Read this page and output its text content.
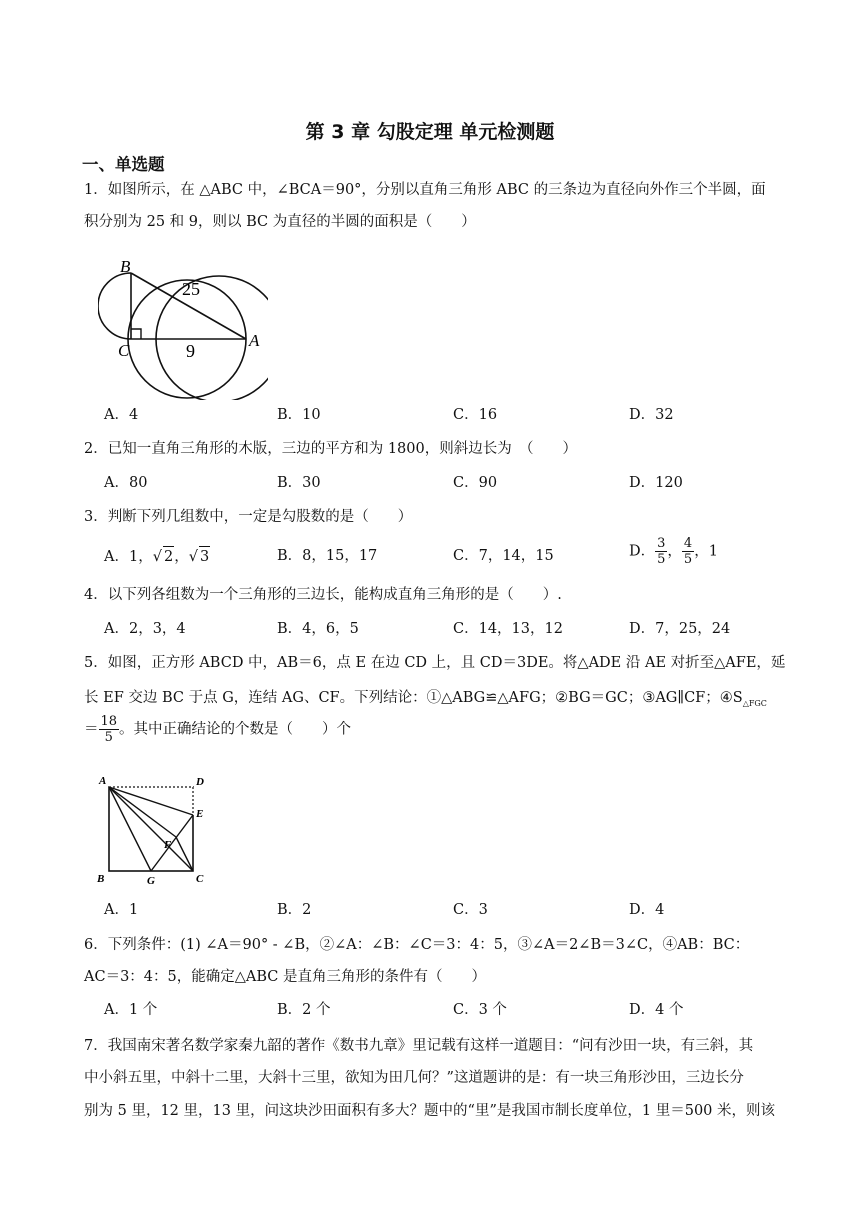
第 3 章 勾股定理 单元检测题
一、单选题
1．如图所示，在 △ABC 中，∠BCA＝90°，分别以直角三角形 ABC 的三条边为直径向外作三个半圆，面
积分别为 25 和 9，则以 BC 为直径的半圆的面积是（　　）
B
C
A
25
9
A．4	B．10	C．16	D．32
2．已知一直角三角形的木版，三边的平方和为 1800，则斜边长为　（　　）
A．80	B．30	C．90	D．120
3．判断下列几组数中，一定是勾股数的是（　　）
A．1，√ 2，√ 3	B．8，15，17	C．7，14，15	D． $\frac{3}{5}$ ， $\frac{4}{5}$ ，1
4．以下列各组数为一个三角形的三边长，能构成直角三角形的是（　　）.
A．2，3，4	B．4，6，5	C．14，13，12	D．7，25，24
5．如图，正方形 ABCD 中，AB＝6，点 E 在边 CD 上，且 CD＝3DE。将△ADE 沿 AE 对折至△AFE，延
长 EF 交边 BC 于点 G，连结 AG、CF。下列结论：①△ABG≌△AFG；②BG＝GC；③AG∥CF；$④S_{\triangle FGC}$
＝ $\frac{18}{5}$ 。其中正确结论的个数是（　　）个
A	D
E
F
B	G	C
A．1	B．2	C．3	D．4
6．下列条件：(1) ∠A＝90° - ∠B，②∠A：∠B：∠C＝3：4：5，③∠A＝2∠B＝3∠C，④AB：BC：
AC＝3：4：5，能确定△ABC 是直角三角形的条件有（　　）
A．1 个	B．2 个	C．3 个	D．4 个
7．我国南宋著名数学家秦九韶的著作《数书九章》里记载有这样一道题目：“问有沙田一块，有三斜，其
中小斜五里，中斜十二里，大斜十三里，欲知为田几何？”这道题讲的是：有一块三角形沙田，三边长分
别为 5 里，12 里，13 里，问这块沙田面积有多大？题中的“里”是我国市制长度单位，1 里＝500 米，则该
